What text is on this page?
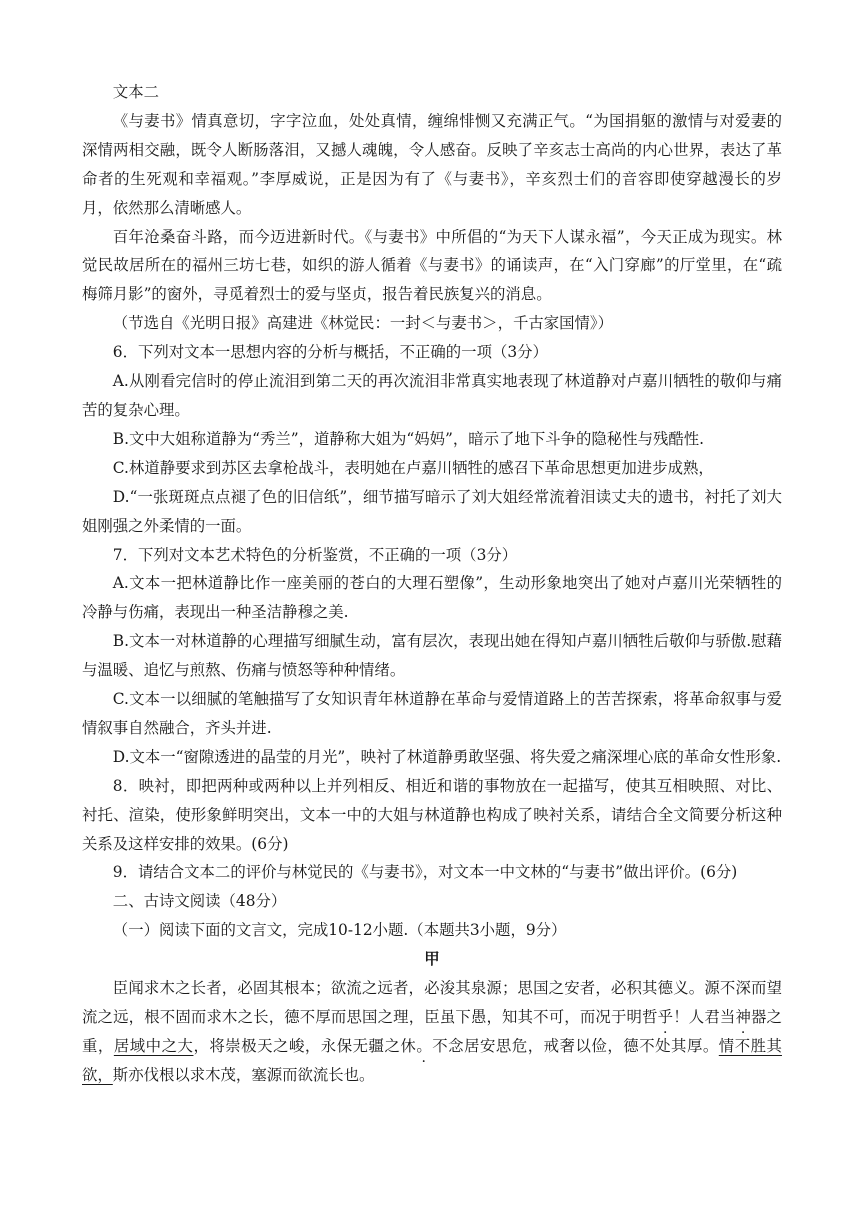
文本二

《与妻书》情真意切，字字泣血，处处真情，缠绵悱恻又充满正气。“为国捐躯的激情与对爱妻的深情两相交融，既令人断肠落泪，又撼人魂魄，令人感奋。反映了辛亥志士高尚的内心世界，表达了革命者的生死观和幸福观。”李厚威说，正是因为有了《与妻书》，辛亥烈士们的音容即使穿越漫长的岁月，依然那么清晰感人。

百年沧桑奋斗路，而今迈进新时代。《与妻书》中所倡的“为天下人谋永福”，今天正成为现实。林觉民故居所在的福州三坊七巷，如织的游人循着《与妻书》的诵读声，在“入门穿廊”的厅堂里，在“疏梅筛月影”的窗外，寻觅着烈士的爱与坚贞，报告着民族复兴的消息。

（节选自《光明日报》高建进《林觉民：一封＜与妻书＞，千古家国情》）

6．下列对文本一思想内容的分析与概括，不正确的一项（3分）

A.从刚看完信时的停止流泪到第二天的再次流泪非常真实地表现了林道静对卢嘉川牺牲的敬仰与痛苦的复杂心理。

B.文中大姐称道静为“秀兰”，道静称大姐为“妈妈”，暗示了地下斗争的隐秘性与残酷性.

C.林道静要求到苏区去拿枪战斗，表明她在卢嘉川牺牲的感召下革命思想更加进步成熟，

D.“一张斑斑点点褪了色的旧信纸”，细节描写暗示了刘大姐经常流着泪读丈夫的遗书，衬托了刘大姐刚强之外柔情的一面。

7．下列对文本艺术特色的分析鉴赏，不正确的一项（3分）

A.文本一把林道静比作一座美丽的苍白的大理石塑像”，生动形象地突出了她对卢嘉川光荣牺牲的冷静与伤痛，表现出一种圣洁静穆之美.

B.文本一对林道静的心理描写细腻生动，富有层次，表现出她在得知卢嘉川牺牲后敬仰与骄傲.慰藉与温暖、追忆与煎熬、伤痛与愤怒等种种情绪。

C.文本一以细腻的笔触描写了女知识青年林道静在革命与爱情道路上的苦苦探索，将革命叙事与爱情叙事自然融合，齐头并进.

D.文本一“窗隙透进的晶莹的月光”，映衬了林道静勇敢坚强、将失爱之痛深埋心底的革命女性形象.

8．映衬，即把两种或两种以上并列相反、相近和谐的事物放在一起描写，使其互相映照、对比、衬托、渲染，使形象鲜明突出，文本一中的大姐与林道静也构成了映衬关系，请结合全文简要分析这种关系及这样安排的效果。(6分)

9．请结合文本二的评价与林觉民的《与妻书》，对文本一中文林的“与妻书”做出评价。(6分)

二、古诗文阅读（48分）

（一）阅读下面的文言文，完成10-12小题.（本题共3小题，9分）

甲

臣闻求木之长者，必固其根本；欲流之远者，必浚其泉源；思国之安者，必积其德义。源不深而望流之远，根不固而求木之长，德不厚而思国之理，臣虽下愚，知其不可，而况于明哲乎！人君当神器之重，居域中之大，将崇极天之峻，永保无疆之休。不念居安思危，戒奢以俭，德不处其厚。情不胜其欲，斯亦伐根以求木茂，塞源而欲流长也。
